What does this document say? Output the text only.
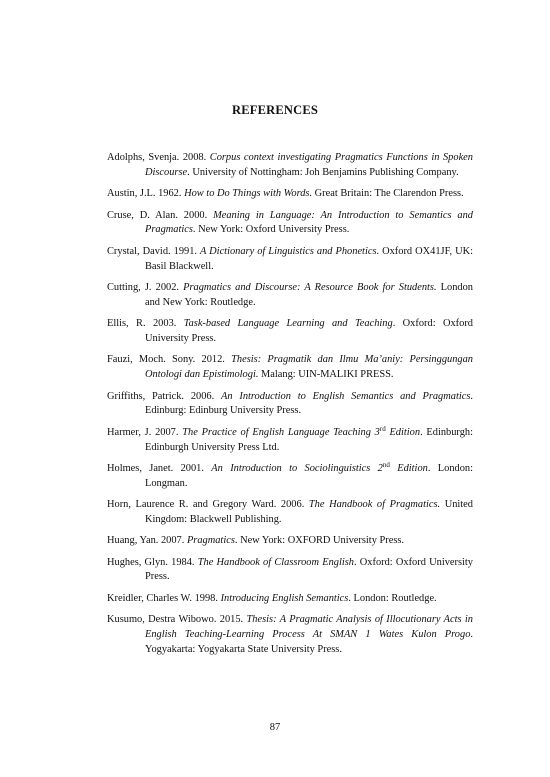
REFERENCES
Adolphs, Svenja. 2008. Corpus context investigating Pragmatics Functions in Spoken Discourse. University of Nottingham: Joh Benjamins Publishing Company.
Austin, J.L. 1962. How to Do Things with Words. Great Britain: The Clarendon Press.
Cruse, D. Alan. 2000. Meaning in Language: An Introduction to Semantics and Pragmatics. New York: Oxford University Press.
Crystal, David. 1991. A Dictionary of Linguistics and Phonetics. Oxford OX41JF, UK: Basil Blackwell.
Cutting, J. 2002. Pragmatics and Discourse: A Resource Book for Students. London and New York: Routledge.
Ellis, R. 2003. Task-based Language Learning and Teaching. Oxford: Oxford University Press.
Fauzi, Moch. Sony. 2012. Thesis: Pragmatik dan Ilmu Ma’aniy: Persinggungan Ontologi dan Epistimologi. Malang: UIN-MALIKI PRESS.
Griffiths, Patrick. 2006. An Introduction to English Semantics and Pragmatics. Edinburg: Edinburg University Press.
Harmer, J. 2007. The Practice of English Language Teaching 3rd Edition. Edinburgh: Edinburgh University Press Ltd.
Holmes, Janet. 2001. An Introduction to Sociolinguistics 2nd Edition. London: Longman.
Horn, Laurence R. and Gregory Ward. 2006. The Handbook of Pragmatics. United Kingdom: Blackwell Publishing.
Huang, Yan. 2007. Pragmatics. New York: OXFORD University Press.
Hughes, Glyn. 1984. The Handbook of Classroom English. Oxford: Oxford University Press.
Kreidler, Charles W. 1998. Introducing English Semantics. London: Routledge.
Kusumo, Destra Wibowo. 2015. Thesis: A Pragmatic Analysis of Illocutionary Acts in English Teaching-Learning Process At SMAN 1 Wates Kulon Progo. Yogyakarta: Yogyakarta State University Press.
87
